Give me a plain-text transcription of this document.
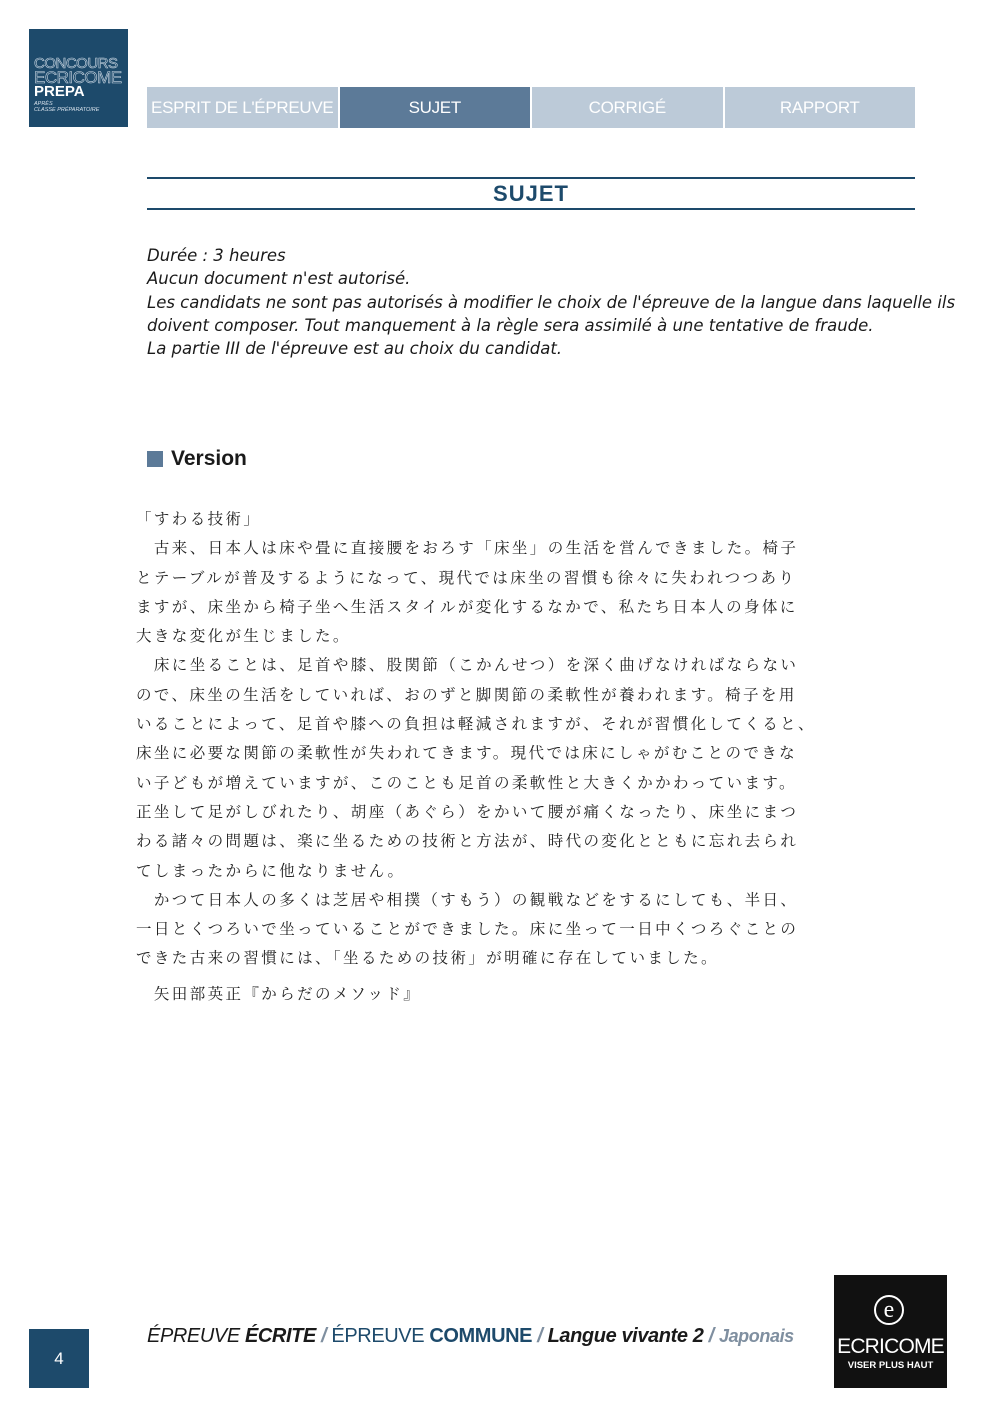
CONCOURS
ECRICOME
PREPA
APRÈS
CLASSE PRÉPARATOIRE	ESPRIT DE L'ÉPREUVE	SUJET	CORRIGÉ	RAPPORT
SUJET
Durée : 3 heures
Aucun document n'est autorisé.
Les candidats ne sont pas autorisés à modifier le choix de l'épreuve de la langue dans laquelle ils
doivent composer. Tout manquement à la règle sera assimilé à une tentative de fraude.
La partie III de l'épreuve est au choix du candidat.
Version
「すわる技術」
　古来、日本人は床や畳に直接腰をおろす「床坐」の生活を営んできました。椅子
とテーブルが普及するようになって、現代では床坐の習慣も徐々に失われつつあり
ますが、床坐から椅子坐へ生活スタイルが変化するなかで、私たち日本人の身体に
大きな変化が生じました。
　床に坐ることは、足首や膝、股関節（こかんせつ）を深く曲げなければならない
ので、床坐の生活をしていれば、おのずと脚関節の柔軟性が養われます。椅子を用
いることによって、足首や膝への負担は軽減されますが、それが習慣化してくると、
床坐に必要な関節の柔軟性が失われてきます。現代では床にしゃがむことのできな
い子どもが増えていますが、このことも足首の柔軟性と大きくかかわっています。
正坐して足がしびれたり、胡座（あぐら）をかいて腰が痛くなったり、床坐にまつ
わる諸々の問題は、楽に坐るための技術と方法が、時代の変化とともに忘れ去られ
てしまったからに他なりません。
　かつて日本人の多くは芝居や相撲（すもう）の観戦などをするにしても、半日、
一日とくつろいで坐っていることができました。床に坐って一日中くつろぐことの
できた古来の習慣には、「坐るための技術」が明確に存在していました。
　矢田部英正『からだのメソッド』
4
ÉPREUVE ÉCRITE / ÉPREUVE COMMUNE / Langue vivante 2 / Japonais
e
ECRICOME
VISER PLUS HAUT
